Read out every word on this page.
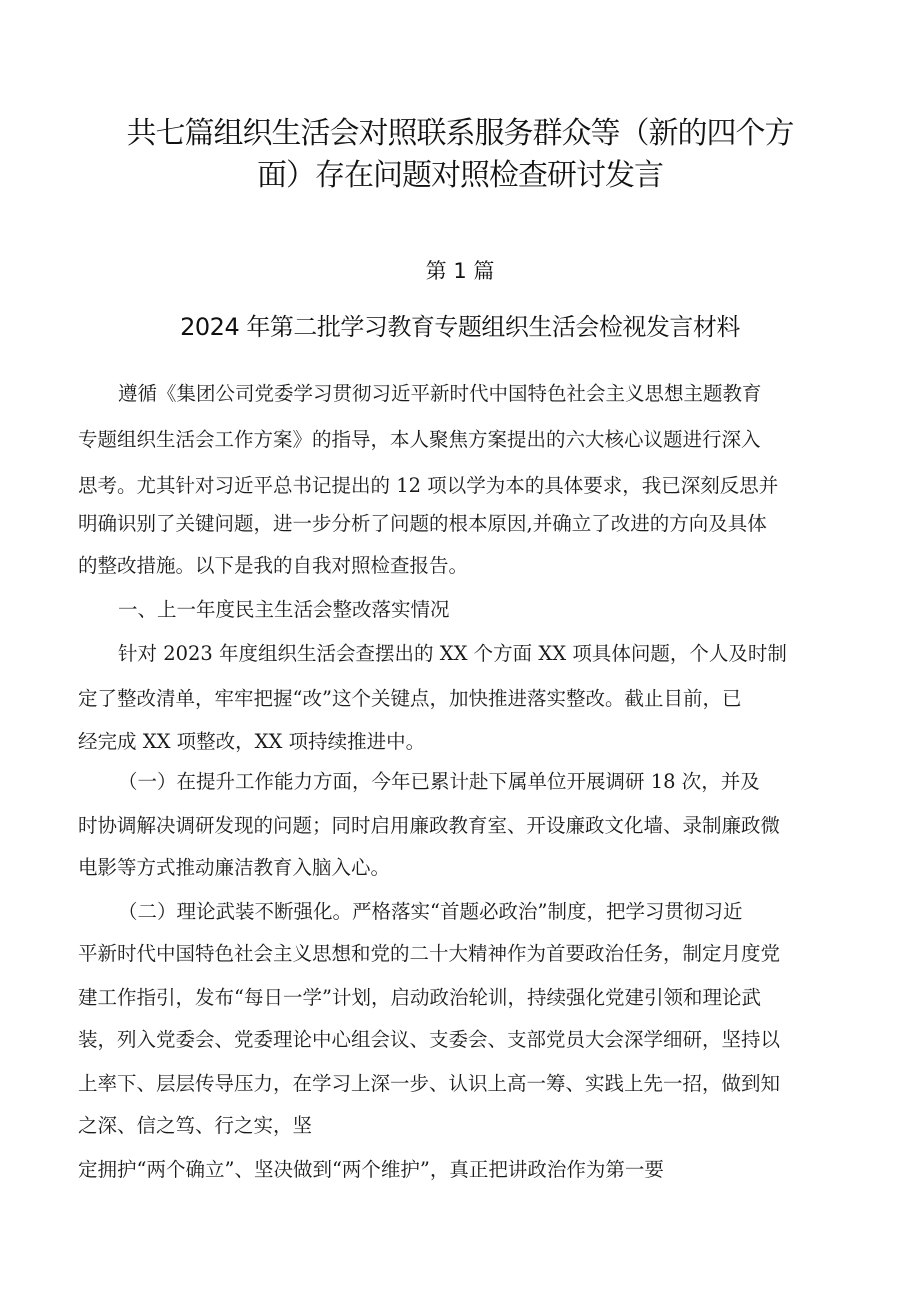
共七篇组织生活会对照联系服务群众等（新的四个方
面）存在问题对照检查研讨发言
第 1 篇
2024 年第二批学习教育专题组织生活会检视发言材料
遵循《集团公司党委学习贯彻习近平新时代中国特色社会主义思想主题教育
专题组织生活会工作方案》的指导，本人聚焦方案提出的六大核心议题进行深入
思考。尤其针对习近平总书记提出的 12 项以学为本的具体要求，我已深刻反思并
明确识别了关键问题，进一步分析了问题的根本原因,并确立了改进的方向及具体
的整改措施。以下是我的自我对照检查报告。
一、上一年度民主生活会整改落实情况
针对 2023 年度组织生活会查摆出的 XX 个方面 XX 项具体问题，个人及时制
定了整改清单，牢牢把握“改”这个关键点，加快推进落实整改。截止目前，已
经完成 XX 项整改，XX 项持续推进中。
（一）在提升工作能力方面，今年已累计赴下属单位开展调研 18 次，并及
时协调解决调研发现的问题；同时启用廉政教育室、开设廉政文化墙、录制廉政微
电影等方式推动廉洁教育入脑入心。
（二）理论武装不断强化。严格落实“首题必政治”制度，把学习贯彻习近
平新时代中国特色社会主义思想和党的二十大精神作为首要政治任务，制定月度党
建工作指引，发布“每日一学”计划，启动政治轮训，持续强化党建引领和理论武
装，列入党委会、党委理论中心组会议、支委会、支部党员大会深学细研，坚持以
上率下、层层传导压力，在学习上深一步、认识上高一筹、实践上先一招，做到知
之深、信之笃、行之实，坚
定拥护“两个确立”、坚决做到“两个维护”，真正把讲政治作为第一要
